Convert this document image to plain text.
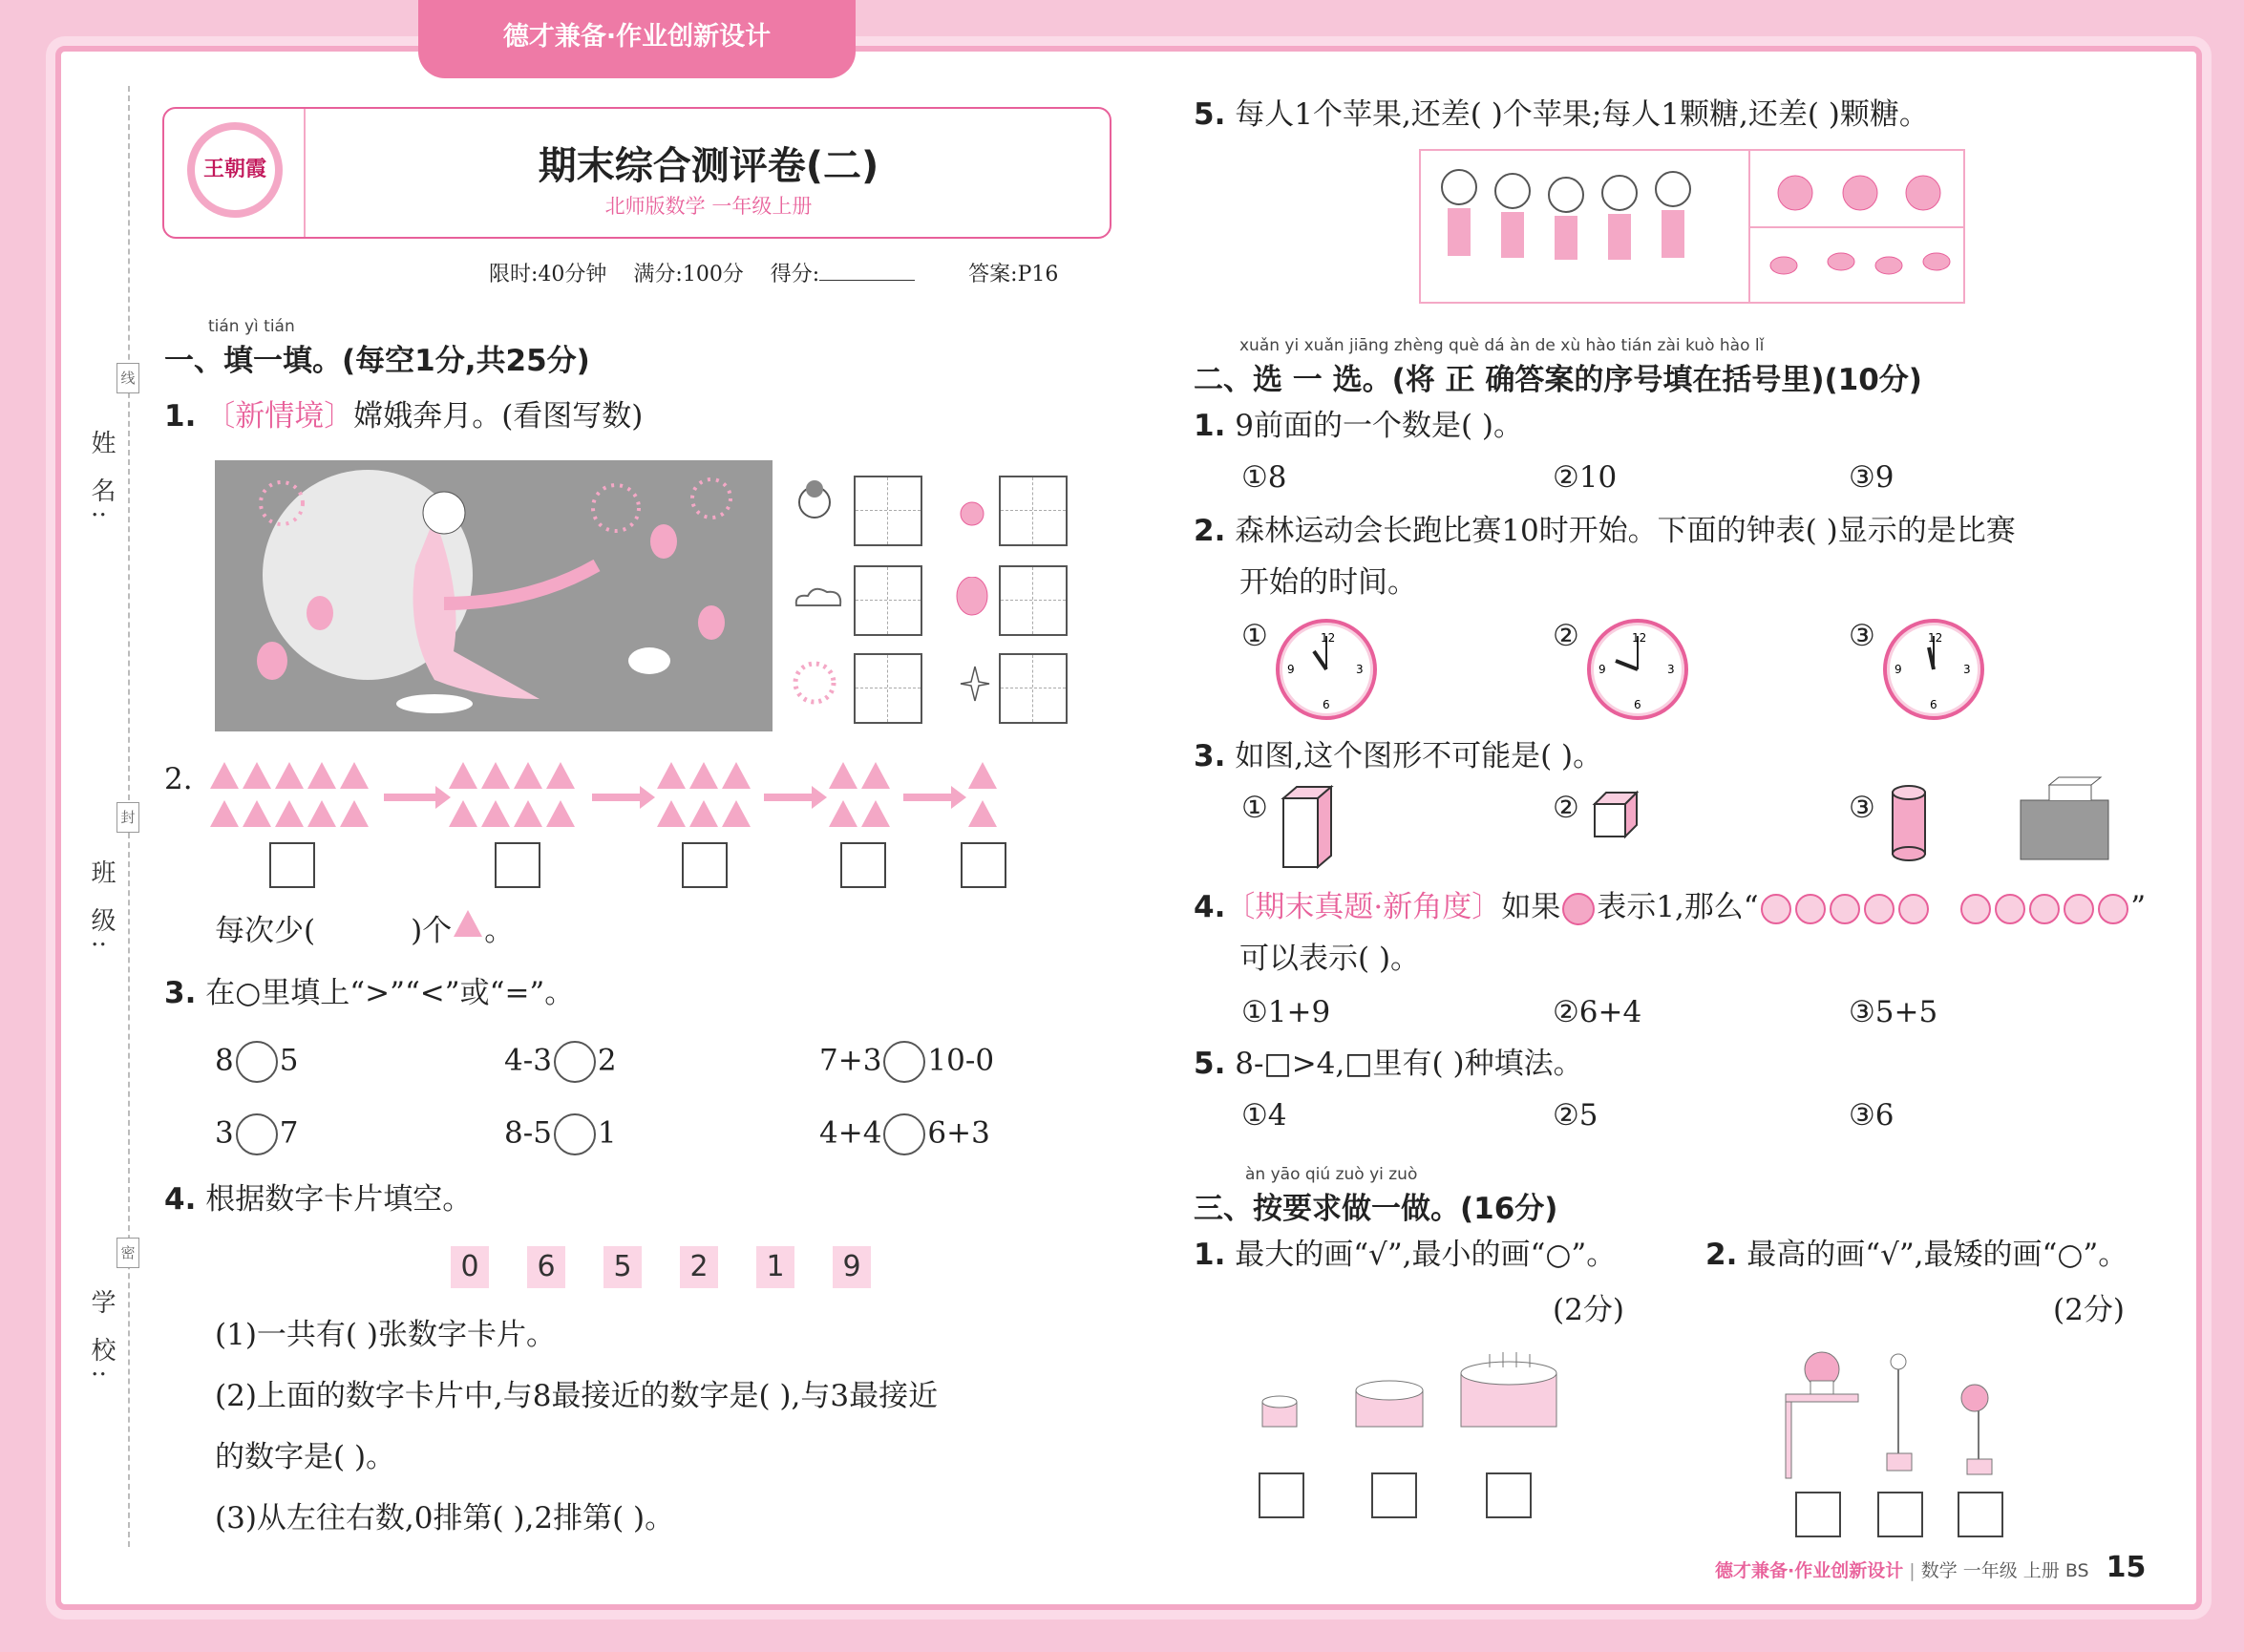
德才兼备·作业创新设计
姓 名:
班 级:
学 校:
线
封
密
王朝霞	期末综合测评卷(二)
北师版数学 一年级上册
限时:40分钟 满分:100分 得分:	答案:P16
tián yì tián
一、填一填。(每空1分,共25分)
1. 〔新情境〕嫦娥奔月。(看图写数)
2.

每次少(	)个 。
3. 在○里填上“>”“<”或“=”。
8 5	4-3 2	7+3 10-0
3 7	8-5 1	4+4 6+3
4. 根据数字卡片填空。
0	6	5	2	1	9
(1)一共有( )张数字卡片。
(2)上面的数字卡片中,与8最接近的数字是( ),与3最接近
的数字是( )。
(3)从左往右数,0排第( ),2排第( )。
5. 每人1个苹果,还差( )个苹果;每人1颗糖,还差( )颗糖。
xuǎn yi xuǎn jiāng zhèng què dá àn de xù hào tián zài kuò hào lǐ
二、选 一 选。(将 正 确答案的序号填在括号里)(10分)
1. 9前面的一个数是( )。
①8	②10	③9
2. 森林运动会长跑比赛10时开始。下面的钟表( )显示的是比赛
开始的时间。
①	12
3
6
9
②	12
3
6
9
③	12
3
6
9
3. 如图,这个图形不可能是( )。
①	②	③
4.〔期末真题·新角度〕如果 表示1,那么“	”
可以表示( )。
①1+9	②6+4	③5+5
5. 8-□>4,□里有( )种填法。
①4	②5	③6
àn yāo qiú zuò yi zuò
三、按要求做一做。(16分)
1. 最大的画“√”,最小的画“○”。
(2分)
2. 最高的画“√”,最矮的画“○”。
(2分)
德才兼备·作业创新设计 | 数学 一年级 上册 BS 15
